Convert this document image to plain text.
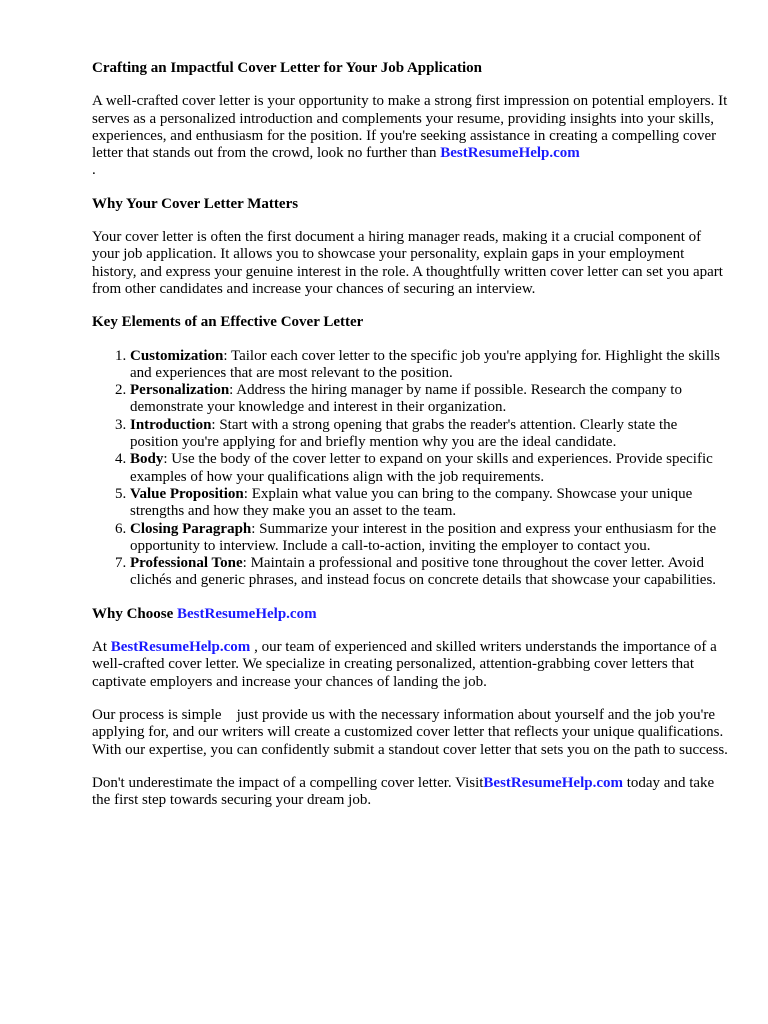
Crafting an Impactful Cover Letter for Your Job Application

A well-crafted cover letter is your opportunity to make a strong first impression on potential employers. It serves as a personalized introduction and complements your resume, providing insights into your skills, experiences, and enthusiasm for the position. If you're seeking assistance in creating a compelling cover letter that stands out from the crowd, look no further than BestResumeHelp.com
.

Why Your Cover Letter Matters

Your cover letter is often the first document a hiring manager reads, making it a crucial component of your job application. It allows you to showcase your personality, explain gaps in your employment history, and express your genuine interest in the role. A thoughtfully written cover letter can set you apart from other candidates and increase your chances of securing an interview.

Key Elements of an Effective Cover Letter
1. Customization: Tailor each cover letter to the specific job you're applying for. Highlight the skills and experiences that are most relevant to the position.
2. Personalization: Address the hiring manager by name if possible. Research the company to demonstrate your knowledge and interest in their organization.
3. Introduction: Start with a strong opening that grabs the reader's attention. Clearly state the position you're applying for and briefly mention why you are the ideal candidate.
4. Body: Use the body of the cover letter to expand on your skills and experiences. Provide specific examples of how your qualifications align with the job requirements.
5. Value Proposition: Explain what value you can bring to the company. Showcase your unique strengths and how they make you an asset to the team.
6. Closing Paragraph: Summarize your interest in the position and express your enthusiasm for the opportunity to interview. Include a call-to-action, inviting the employer to contact you.
7. Professional Tone: Maintain a professional and positive tone throughout the cover letter. Avoid clichés and generic phrases, and instead focus on concrete details that showcase your capabilities.
Why Choose BestResumeHelp.com

At BestResumeHelp.com , our team of experienced and skilled writers understands the importance of a well-crafted cover letter. We specialize in creating personalized, attention-grabbing cover letters that captivate employers and increase your chances of landing the job.

Our process is simple    just provide us with the necessary information about yourself and the job you're applying for, and our writers will create a customized cover letter that reflects your unique qualifications. With our expertise, you can confidently submit a standout cover letter that sets you on the path to success.

Don't underestimate the impact of a compelling cover letter. VisitBestResumeHelp.com today and take the first step towards securing your dream job.
